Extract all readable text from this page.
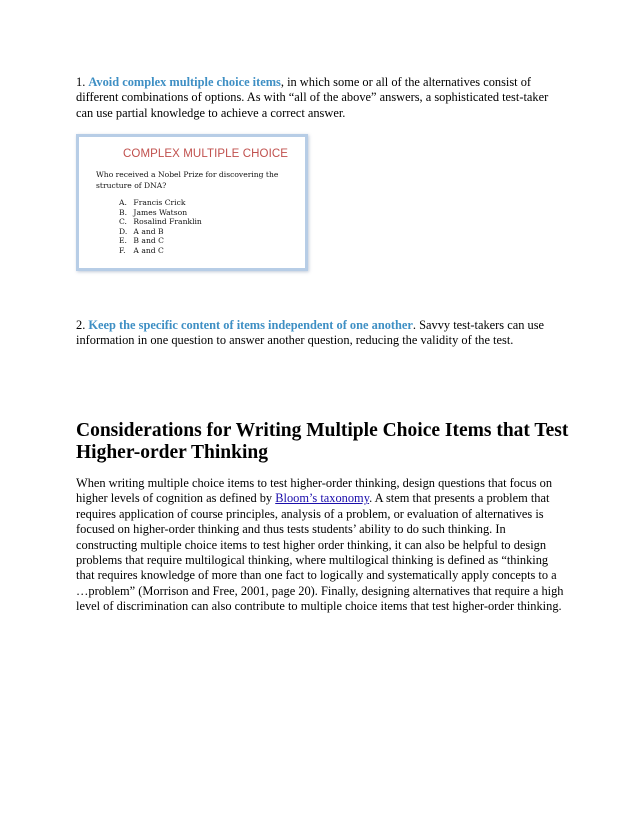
1. Avoid complex multiple choice items, in which some or all of the alternatives consist of different combinations of options. As with “all of the above” answers, a sophisticated test-taker can use partial knowledge to achieve a correct answer.

COMPLEX MULTIPLE CHOICE
Who received a Nobel Prize for discovering the structure of DNA?
A. Francis Crick
B. James Watson
C. Rosalind Franklin
D. A and B
E. B and C
F. A and C

2. Keep the specific content of items independent of one another. Savvy test-takers can use information in one question to answer another question, reducing the validity of the test.

Considerations for Writing Multiple Choice Items that Test Higher-order Thinking

When writing multiple choice items to test higher-order thinking, design questions that focus on higher levels of cognition as defined by Bloom’s taxonomy. A stem that presents a problem that requires application of course principles, analysis of a problem, or evaluation of alternatives is focused on higher-order thinking and thus tests students’ ability to do such thinking. In constructing multiple choice items to test higher order thinking, it can also be helpful to design problems that require multilogical thinking, where multilogical thinking is defined as “thinking that requires knowledge of more than one fact to logically and systematically apply concepts to a …problem” (Morrison and Free, 2001, page 20). Finally, designing alternatives that require a high level of discrimination can also contribute to multiple choice items that test higher-order thinking.
